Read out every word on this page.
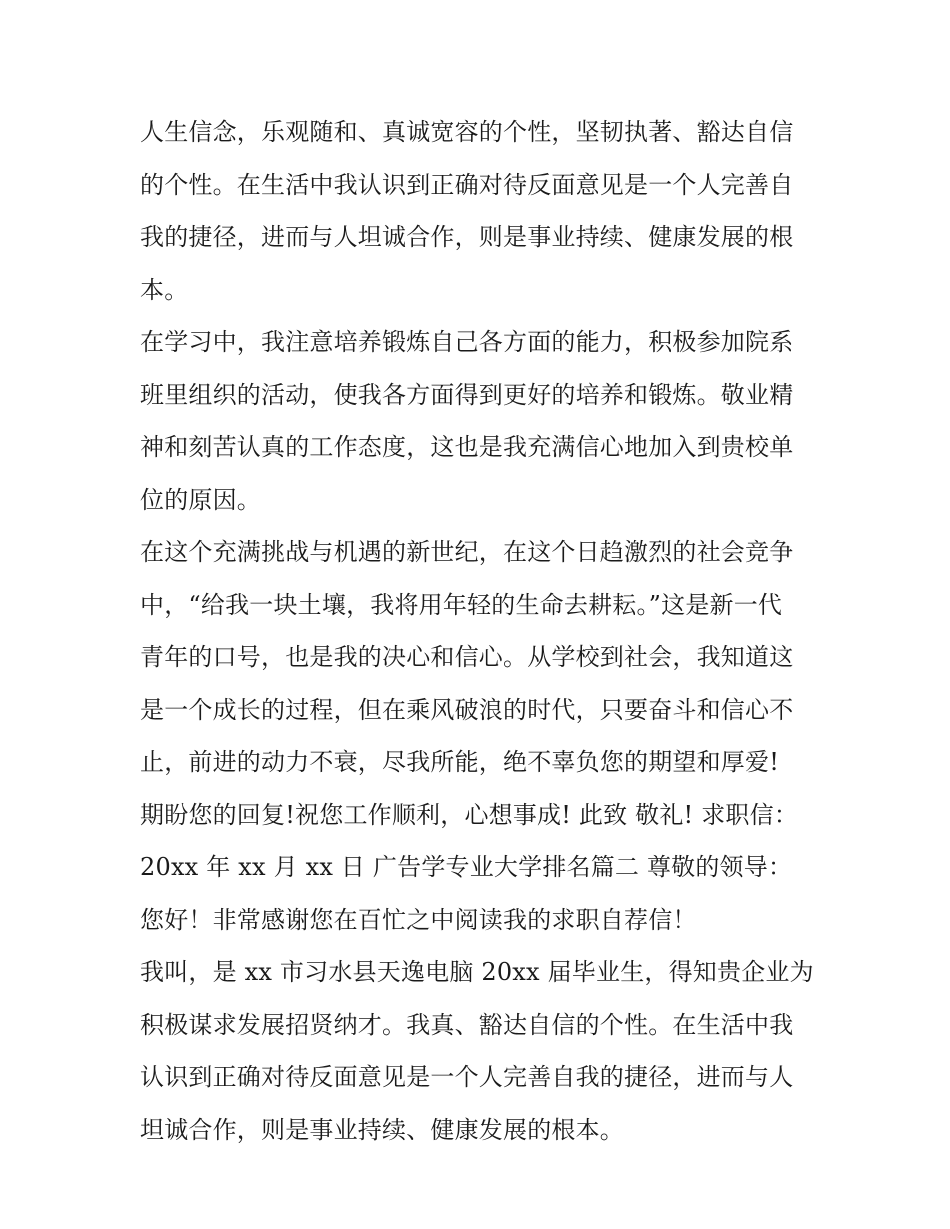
人生信念，乐观随和、真诚宽容的个性，坚韧执著、豁达自信
的个性。在生活中我认识到正确对待反面意见是一个人完善自
我的捷径，进而与人坦诚合作，则是事业持续、健康发展的根
本。
在学习中，我注意培养锻炼自己各方面的能力，积极参加院系
班里组织的活动，使我各方面得到更好的培养和锻炼。敬业精
神和刻苦认真的工作态度，这也是我充满信心地加入到贵校单
位的原因。
在这个充满挑战与机遇的新世纪，在这个日趋激烈的社会竞争
中，“给我一块土壤，我将用年轻的生命去耕耘。”这是新一代
青年的口号，也是我的决心和信心。从学校到社会，我知道这
是一个成长的过程，但在乘风破浪的时代，只要奋斗和信心不
止，前进的动力不衰，尽我所能，绝不辜负您的期望和厚爱!
期盼您的回复!祝您工作顺利，心想事成! 此致 敬礼! 求职信：
20xx 年 xx 月 xx 日 广告学专业大学排名篇二 尊敬的领导：
您好！非常感谢您在百忙之中阅读我的求职自荐信！
我叫，是 xx 市习水县天逸电脑 20xx 届毕业生，得知贵企业为
积极谋求发展招贤纳才。我真、豁达自信的个性。在生活中我
认识到正确对待反面意见是一个人完善自我的捷径，进而与人
坦诚合作，则是事业持续、健康发展的根本。
